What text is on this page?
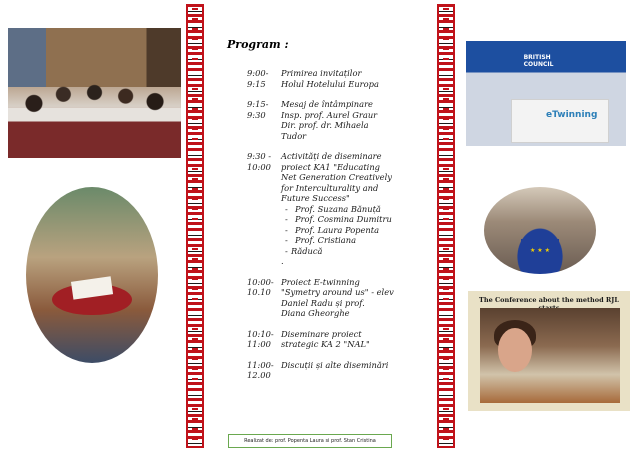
BRITISH
COUNCIL
eTwinning
★ ★ ★
The Conference about the method RJL
Program :
9:00-
9:15
Primirea invitaților
Holul Hotelului Europa
9:15-
9:30
Mesaj de întâmpinare
Insp. prof. Aurel Graur
Dir. prof. dr. Mihaela
Tudor
9:30 -
10:00
Activități de diseminare
proiect KA1 "Educating
Net Generation Creatively
for Interculturality and
Future Success"
- Prof. Suzana Bănuță
- Prof. Cosmina Dumitru
- Prof. Laura Popenta
- Prof. Cristiana
- Răducă
.
10:00-
10.10
Proiect E-twinning
"Symetry around us" - elev
Daniel Radu și prof.
Diana Gheorghe
10:10-
11:00
Diseminare proiect
strategic KA 2 "NAL"
11:00-
12.00
Discuții și alte diseminări
Realizat de: prof. Popenta Laura si prof. Stan Cristina
